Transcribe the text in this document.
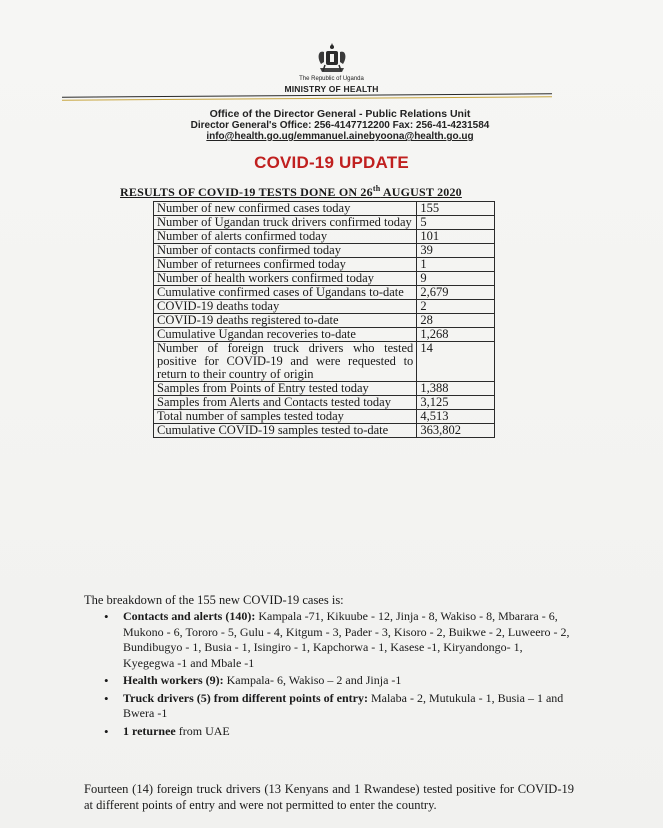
The Republic of Uganda
MINISTRY OF HEALTH
Office of the Director General - Public Relations Unit
Director General's Office: 256-4147712200 Fax: 256-41-4231584
info@health.go.ug/emmanuel.ainebyoona@health.go.ug
COVID-19 UPDATE
RESULTS OF COVID-19 TESTS DONE ON 26th AUGUST 2020
Number of new confirmed cases today	155
Number of Ugandan truck drivers confirmed today	5
Number of alerts confirmed today	101
Number of contacts confirmed today	39
Number of returnees confirmed today	1
Number of health workers confirmed today	9
Cumulative confirmed cases of Ugandans to-date	2,679
COVID-19 deaths today	2
COVID-19 deaths registered to-date	28
Cumulative Ugandan recoveries to-date	1,268
Number of foreign truck drivers who tested positive for COVID-19 and were requested to return to their country of origin	14
Samples from Points of Entry tested today	1,388
Samples from Alerts and Contacts tested today	3,125
Total number of samples tested today	4,513
Cumulative COVID-19 samples tested to-date	363,802
The breakdown of the 155 new COVID-19 cases is:
• Contacts and alerts (140): Kampala -71, Kikuube - 12, Jinja - 8, Wakiso - 8, Mbarara - 6, Mukono - 6, Tororo - 5, Gulu - 4, Kitgum - 3, Pader - 3, Kisoro - 2, Buikwe - 2, Luweero - 2, Bundibugyo - 1, Busia - 1, Isingiro - 1, Kapchorwa - 1, Kasese -1, Kiryandongo- 1, Kyegegwa -1 and Mbale -1
• Health workers (9): Kampala- 6, Wakiso – 2 and Jinja -1
• Truck drivers (5) from different points of entry: Malaba - 2, Mutukula - 1, Busia – 1 and Bwera -1
• 1 returnee from UAE
Fourteen (14) foreign truck drivers (13 Kenyans and 1 Rwandese) tested positive for COVID-19 at different points of entry and were not permitted to enter the country.
